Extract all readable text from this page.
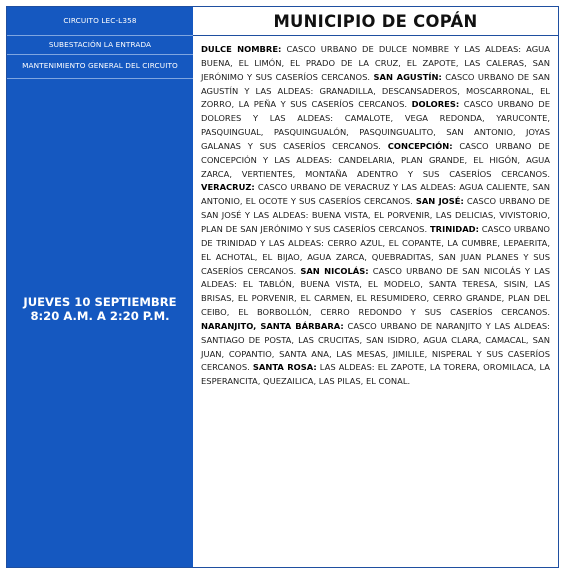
CIRCUITO LEC-L358
SUBESTACIÓN LA ENTRADA
MANTENIMIENTO GENERAL DEL CIRCUITO
JUEVES 10 SEPTIEMBRE
8:20 A.M. A 2:20 P.M.
MUNICIPIO DE COPÁN
DULCE NOMBRE: CASCO URBANO DE DULCE NOMBRE Y LAS ALDEAS: AGUA BUENA, EL LIMÓN, EL PRADO DE LA CRUZ, EL ZAPOTE, LAS CALERAS, SAN JERÓNIMO Y SUS CASERÍOS CERCANOS. SAN AGUSTÍN: CASCO URBANO DE SAN AGUSTÍN Y LAS ALDEAS: GRANADILLA, DESCANSADEROS, MOSCARRONAL, EL ZORRO, LA PEÑA Y SUS CASERÍOS CERCANOS. DOLORES: CASCO URBANO DE DOLORES Y LAS ALDEAS: CAMALOTE, VEGA REDONDA, YARUCONTE, PASQUINGUAL, PASQUINGUALÓN, PASQUINGUALITO, SAN ANTONIO, JOYAS GALANAS Y SUS CASERÍOS CERCANOS. CONCEPCIÓN: CASCO URBANO DE CONCEPCIÓN Y LAS ALDEAS: CANDELARIA, PLAN GRANDE, EL HIGÓN, AGUA ZARCA, VERTIENTES, MONTAÑA ADENTRO Y SUS CASERÍOS CERCANOS. VERACRUZ: CASCO URBANO DE VERACRUZ Y LAS ALDEAS: AGUA CALIENTE, SAN ANTONIO, EL OCOTE Y SUS CASERÍOS CERCANOS. SAN JOSÉ: CASCO URBANO DE SAN JOSÉ Y LAS ALDEAS: BUENA VISTA, EL PORVENIR, LAS DELICIAS, VIVISTORIO, PLAN DE SAN JERÓNIMO Y SUS CASERÍOS CERCANOS. TRINIDAD: CASCO URBANO DE TRINIDAD Y LAS ALDEAS: CERRO AZUL, EL COPANTE, LA CUMBRE, LEPAERITA, EL ACHOTAL, EL BIJAO, AGUA ZARCA, QUEBRADITAS, SAN JUAN PLANES Y SUS CASERÍOS CERCANOS. SAN NICOLÁS: CASCO URBANO DE SAN NICOLÁS Y LAS ALDEAS: EL TABLÓN, BUENA VISTA, EL MODELO, SANTA TERESA, SISIN, LAS BRISAS, EL PORVENIR, EL CARMEN, EL RESUMIDERO, CERRO GRANDE, PLAN DEL CEIBO, EL BORBOLLÓN, CERRO REDONDO Y SUS CASERÍOS CERCANOS. NARANJITO, SANTA BÁRBARA: CASCO URBANO DE NARANJITO Y LAS ALDEAS: SANTIAGO DE POSTA, LAS CRUCITAS, SAN ISIDRO, AGUA CLARA, CAMACAL, SAN JUAN, COPANTIO, SANTA ANA, LAS MESAS, JIMILILE, NISPERAL Y SUS CASERÍOS CERCANOS. SANTA ROSA: LAS ALDEAS: EL ZAPOTE, LA TORERA, OROMILACA, LA ESPERANCITA, QUEZAILICA, LAS PILAS, EL CONAL.
